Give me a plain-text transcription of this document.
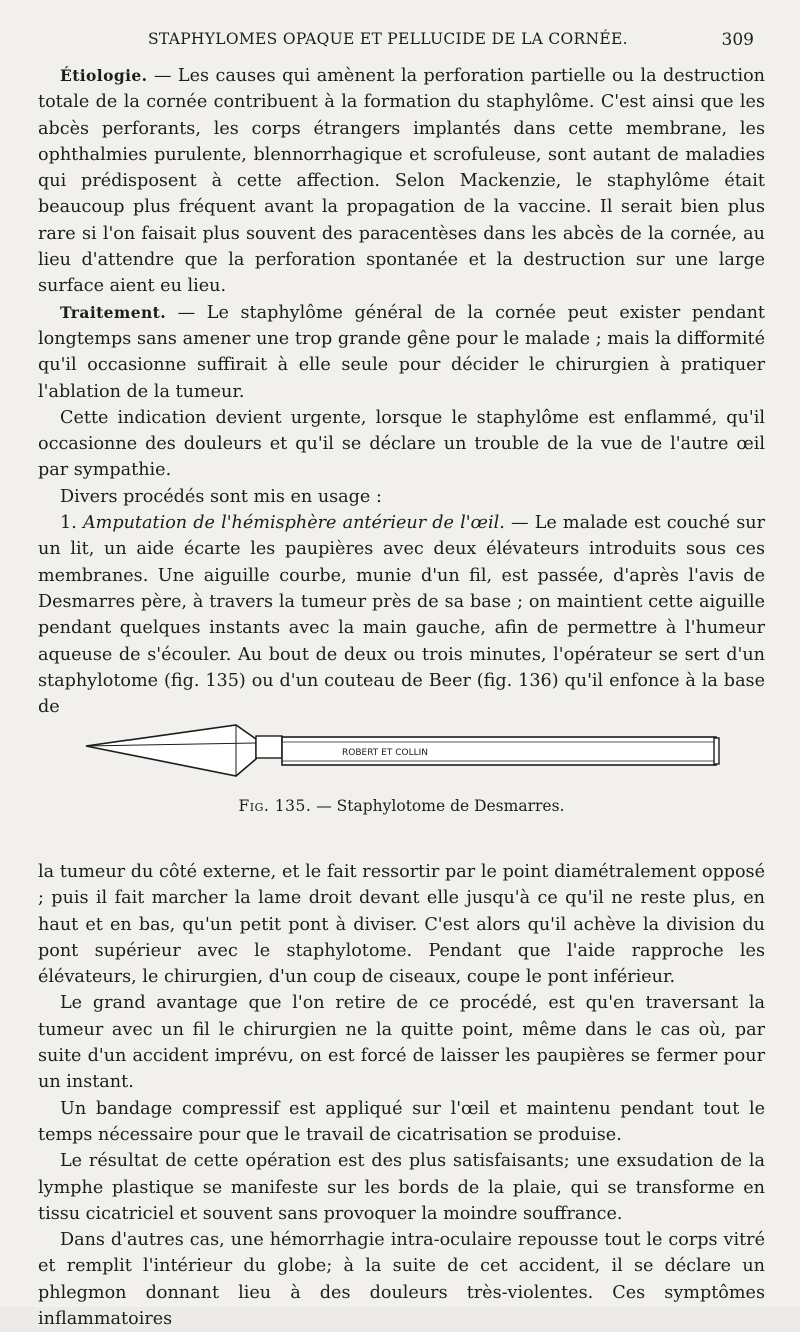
STAPHYLOMES OPAQUE ET PELLUCIDE DE LA CORNÉE.	309

Étiologie. — Les causes qui amènent la perforation partielle ou la destruction totale de la cornée contribuent à la formation du staphylôme. C'est ainsi que les abcès perforants, les corps étrangers implantés dans cette membrane, les ophthalmies purulente, blennorrhagique et scrofuleuse, sont autant de maladies qui prédisposent à cette affection. Selon Mackenzie, le staphylôme était beaucoup plus fréquent avant la propagation de la vaccine. Il serait bien plus rare si l'on faisait plus souvent des paracentèses dans les abcès de la cornée, au lieu d'attendre que la perforation spontanée et la destruction sur une large surface aient eu lieu.

Traitement. — Le staphylôme général de la cornée peut exister pendant longtemps sans amener une trop grande gêne pour le malade ; mais la difformité qu'il occasionne suffirait à elle seule pour décider le chirurgien à pratiquer l'ablation de la tumeur.

Cette indication devient urgente, lorsque le staphylôme est enflammé, qu'il occasionne des douleurs et qu'il se déclare un trouble de la vue de l'autre œil par sympathie.

Divers procédés sont mis en usage :

1. Amputation de l'hémisphère antérieur de l'œil. — Le malade est couché sur un lit, un aide écarte les paupières avec deux élévateurs introduits sous ces membranes. Une aiguille courbe, munie d'un fil, est passée, d'après l'avis de Desmarres père, à travers la tumeur près de sa base ; on maintient cette aiguille pendant quelques instants avec la main gauche, afin de permettre à l'humeur aqueuse de s'écouler. Au bout de deux ou trois minutes, l'opérateur se sert d'un staphylotome (fig. 135) ou d'un couteau de Beer (fig. 136) qu'il enfonce à la base de

ROBERT ET COLLIN
Fig. 135. — Staphylotome de Desmarres.

la tumeur du côté externe, et le fait ressortir par le point diamétralement opposé ; puis il fait marcher la lame droit devant elle jusqu'à ce qu'il ne reste plus, en haut et en bas, qu'un petit pont à diviser. C'est alors qu'il achève la division du pont supérieur avec le staphylotome. Pendant que l'aide rapproche les élévateurs, le chirurgien, d'un coup de ciseaux, coupe le pont inférieur.

Le grand avantage que l'on retire de ce procédé, est qu'en traversant la tumeur avec un fil le chirurgien ne la quitte point, même dans le cas où, par suite d'un accident imprévu, on est forcé de laisser les paupières se fermer pour un instant.

Un bandage compressif est appliqué sur l'œil et maintenu pendant tout le temps nécessaire pour que le travail de cicatrisation se produise.

Le résultat de cette opération est des plus satisfaisants; une exsudation de la lymphe plastique se manifeste sur les bords de la plaie, qui se transforme en tissu cicatriciel et souvent sans provoquer la moindre souffrance.

Dans d'autres cas, une hémorrhagie intra-oculaire repousse tout le corps vitré et remplit l'intérieur du globe; à la suite de cet accident, il se déclare un phlegmon donnant lieu à des douleurs très-violentes. Ces symptômes inflammatoires
